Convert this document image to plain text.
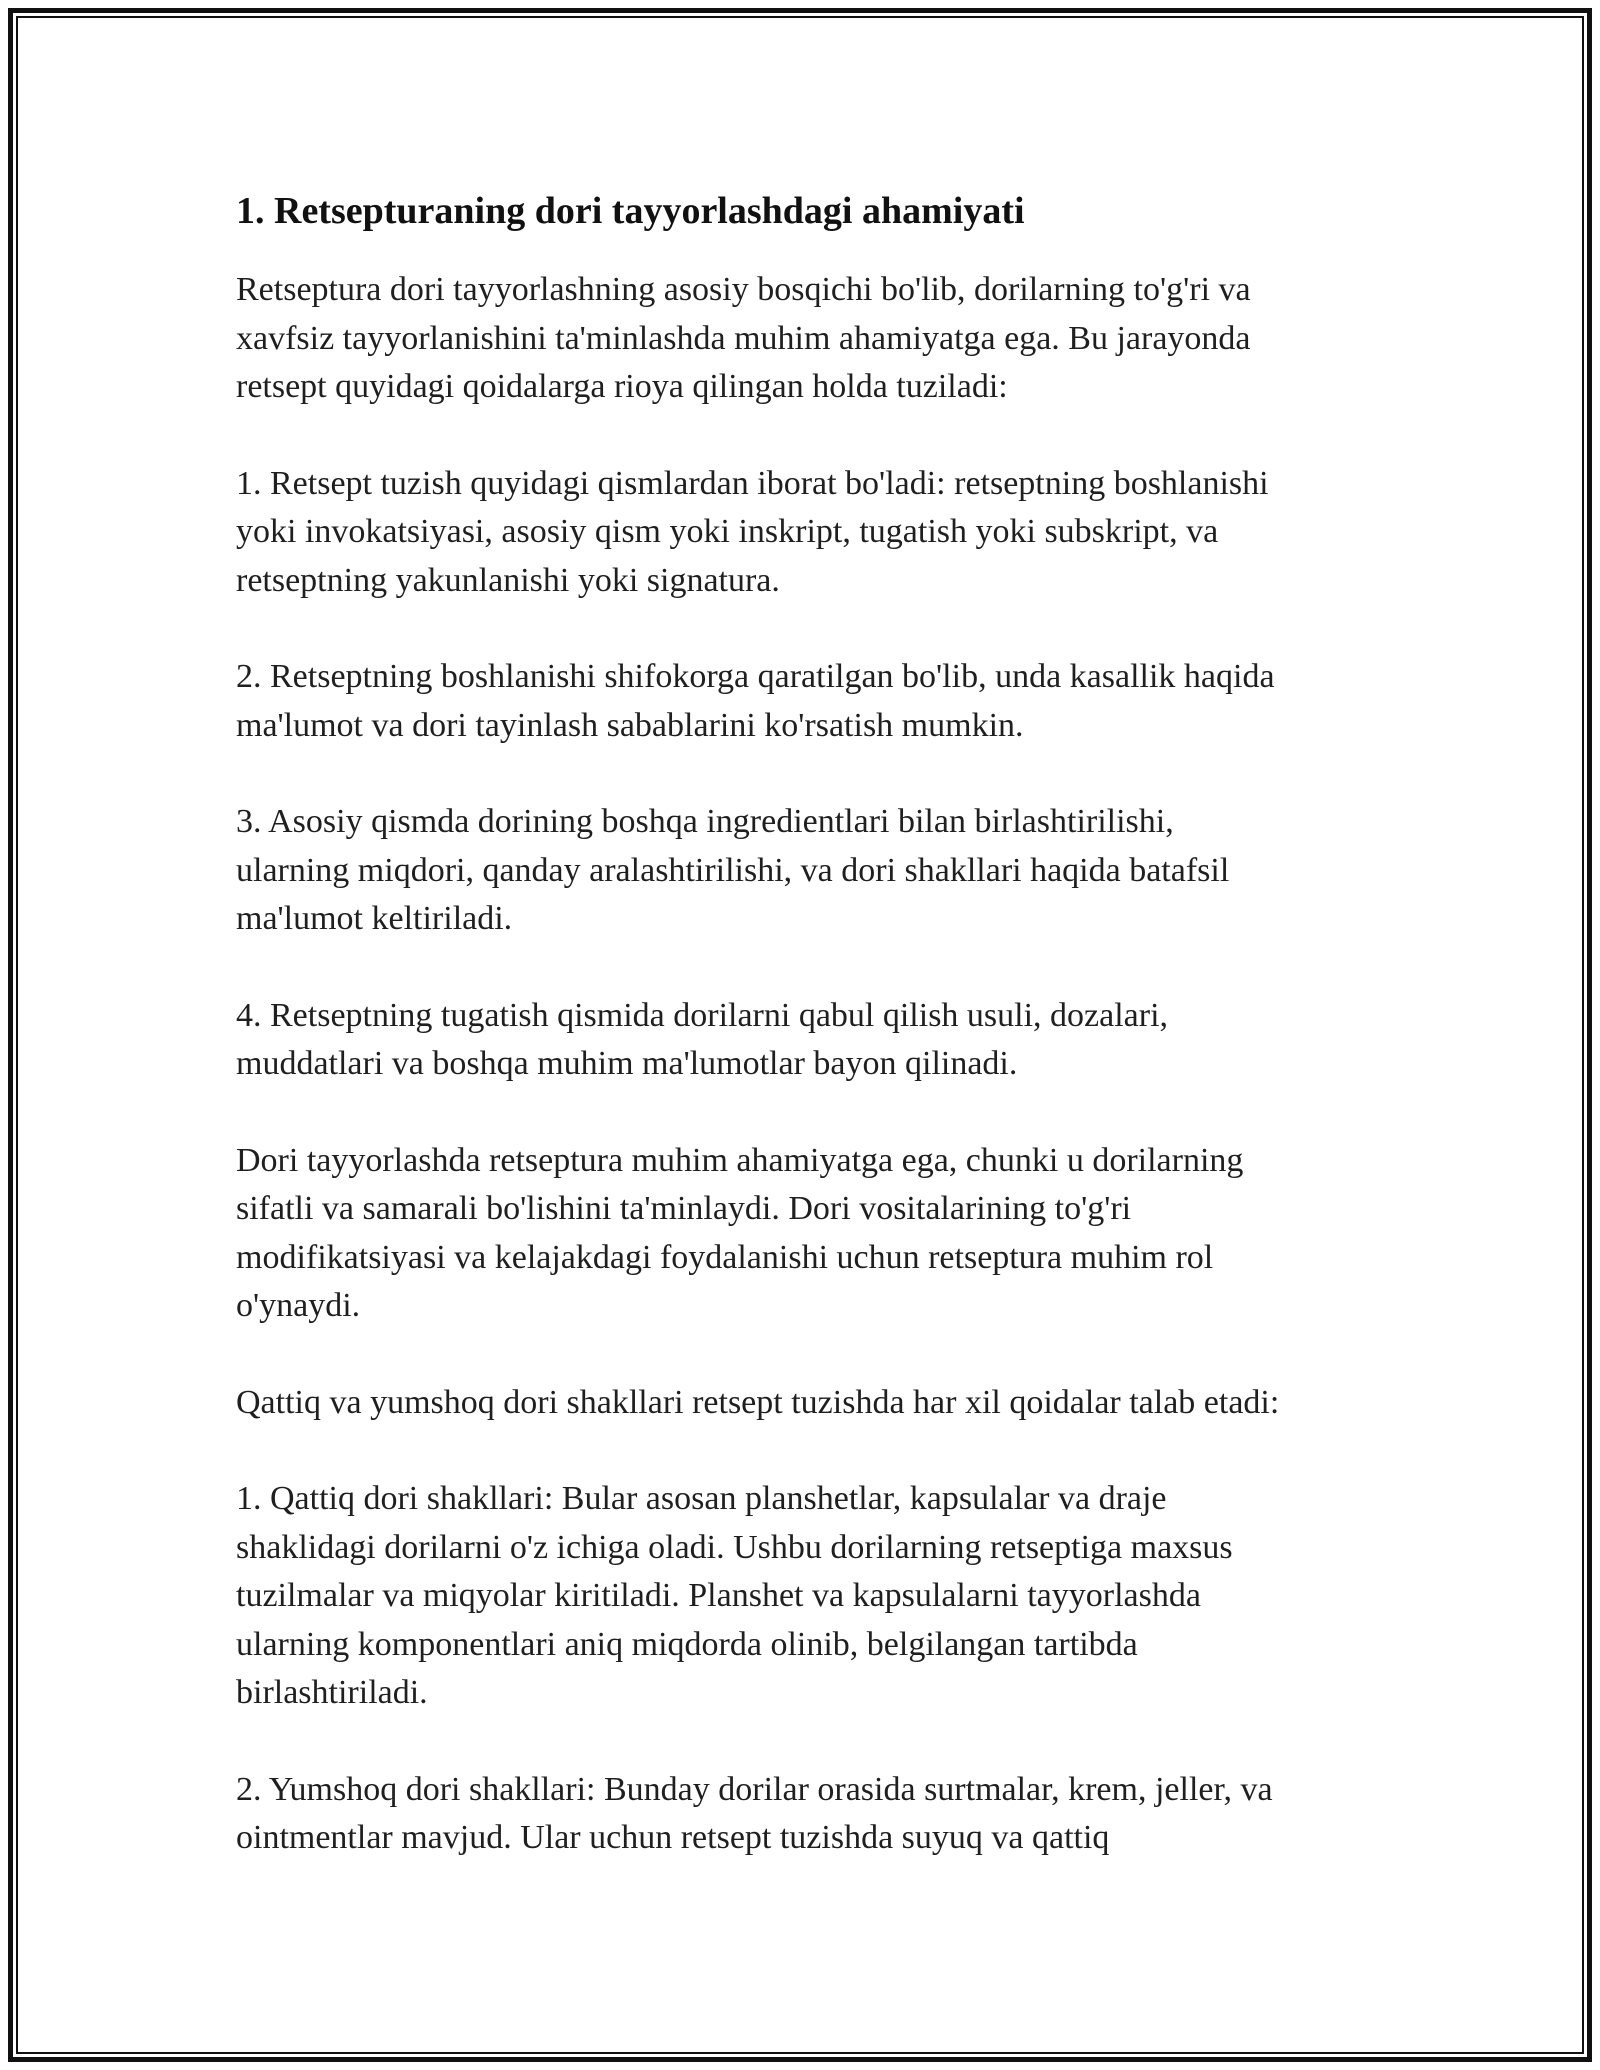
1. Retsepturaning dori tayyorlashdagi ahamiyati

Retseptura dori tayyorlashning asosiy bosqichi bo'lib, dorilarning to'g'ri va
xavfsiz tayyorlanishini ta'minlashda muhim ahamiyatga ega. Bu jarayonda
retsept quyidagi qoidalarga rioya qilingan holda tuziladi:

1. Retsept tuzish quyidagi qismlardan iborat bo'ladi: retseptning boshlanishi
yoki invokatsiyasi, asosiy qism yoki inskript, tugatish yoki subskript, va
retseptning yakunlanishi yoki signatura.

2. Retseptning boshlanishi shifokorga qaratilgan bo'lib, unda kasallik haqida
ma'lumot va dori tayinlash sabablarini ko'rsatish mumkin.

3. Asosiy qismda dorining boshqa ingredientlari bilan birlashtirilishi,
ularning miqdori, qanday aralashtirilishi, va dori shakllari haqida batafsil
ma'lumot keltiriladi.

4. Retseptning tugatish qismida dorilarni qabul qilish usuli, dozalari,
muddatlari va boshqa muhim ma'lumotlar bayon qilinadi.

Dori tayyorlashda retseptura muhim ahamiyatga ega, chunki u dorilarning
sifatli va samarali bo'lishini ta'minlaydi. Dori vositalarining to'g'ri
modifikatsiyasi va kelajakdagi foydalanishi uchun retseptura muhim rol
o'ynaydi.

Qattiq va yumshoq dori shakllari retsept tuzishda har xil qoidalar talab etadi:

1. Qattiq dori shakllari: Bular asosan planshetlar, kapsulalar va draje
shaklidagi dorilarni o'z ichiga oladi. Ushbu dorilarning retseptiga maxsus
tuzilmalar va miqyolar kiritiladi. Planshet va kapsulalarni tayyorlashda
ularning komponentlari aniq miqdorda olinib, belgilangan tartibda
birlashtiriladi.

2. Yumshoq dori shakllari: Bunday dorilar orasida surtmalar, krem, jeller, va
ointmentlar mavjud. Ular uchun retsept tuzishda suyuq va qattiq
